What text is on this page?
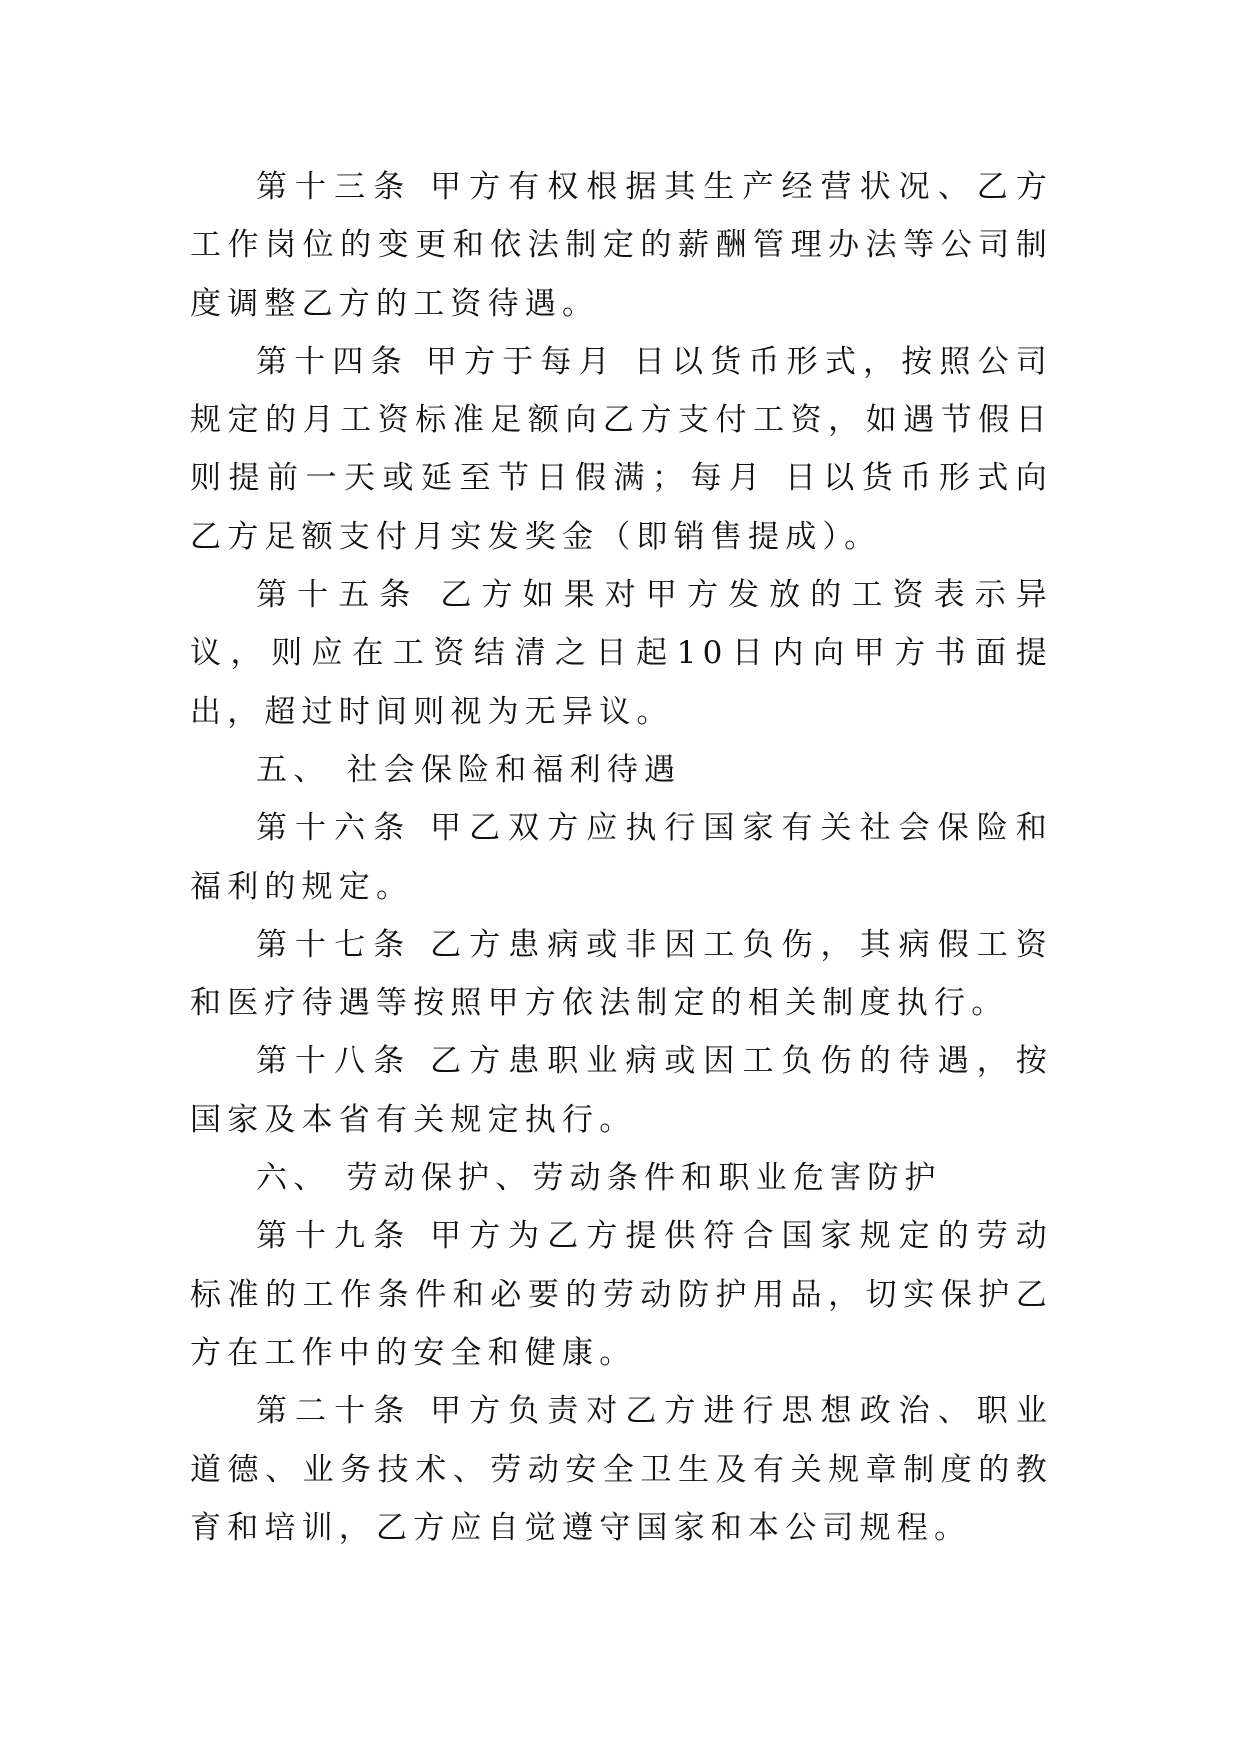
第十三条 甲方有权根据其生产经营状况、乙方工作岗位的变更和依法制定的薪酬管理办法等公司制度调整乙方的工资待遇。

第十四条 甲方于每月 日以货币形式，按照公司规定的月工资标准足额向乙方支付工资，如遇节假日则提前一天或延至节日假满；每月 日以货币形式向乙方足额支付月实发奖金（即销售提成）。

第十五条 乙方如果对甲方发放的工资表示异议，则应在工资结清之日起10日内向甲方书面提出，超过时间则视为无异议。

五、 社会保险和福利待遇

第十六条 甲乙双方应执行国家有关社会保险和福利的规定。

第十七条 乙方患病或非因工负伤，其病假工资和医疗待遇等按照甲方依法制定的相关制度执行。

第十八条 乙方患职业病或因工负伤的待遇，按国家及本省有关规定执行。

六、 劳动保护、劳动条件和职业危害防护

第十九条 甲方为乙方提供符合国家规定的劳动标准的工作条件和必要的劳动防护用品，切实保护乙方在工作中的安全和健康。

第二十条 甲方负责对乙方进行思想政治、职业道德、业务技术、劳动安全卫生及有关规章制度的教育和培训，乙方应自觉遵守国家和本公司规程。
